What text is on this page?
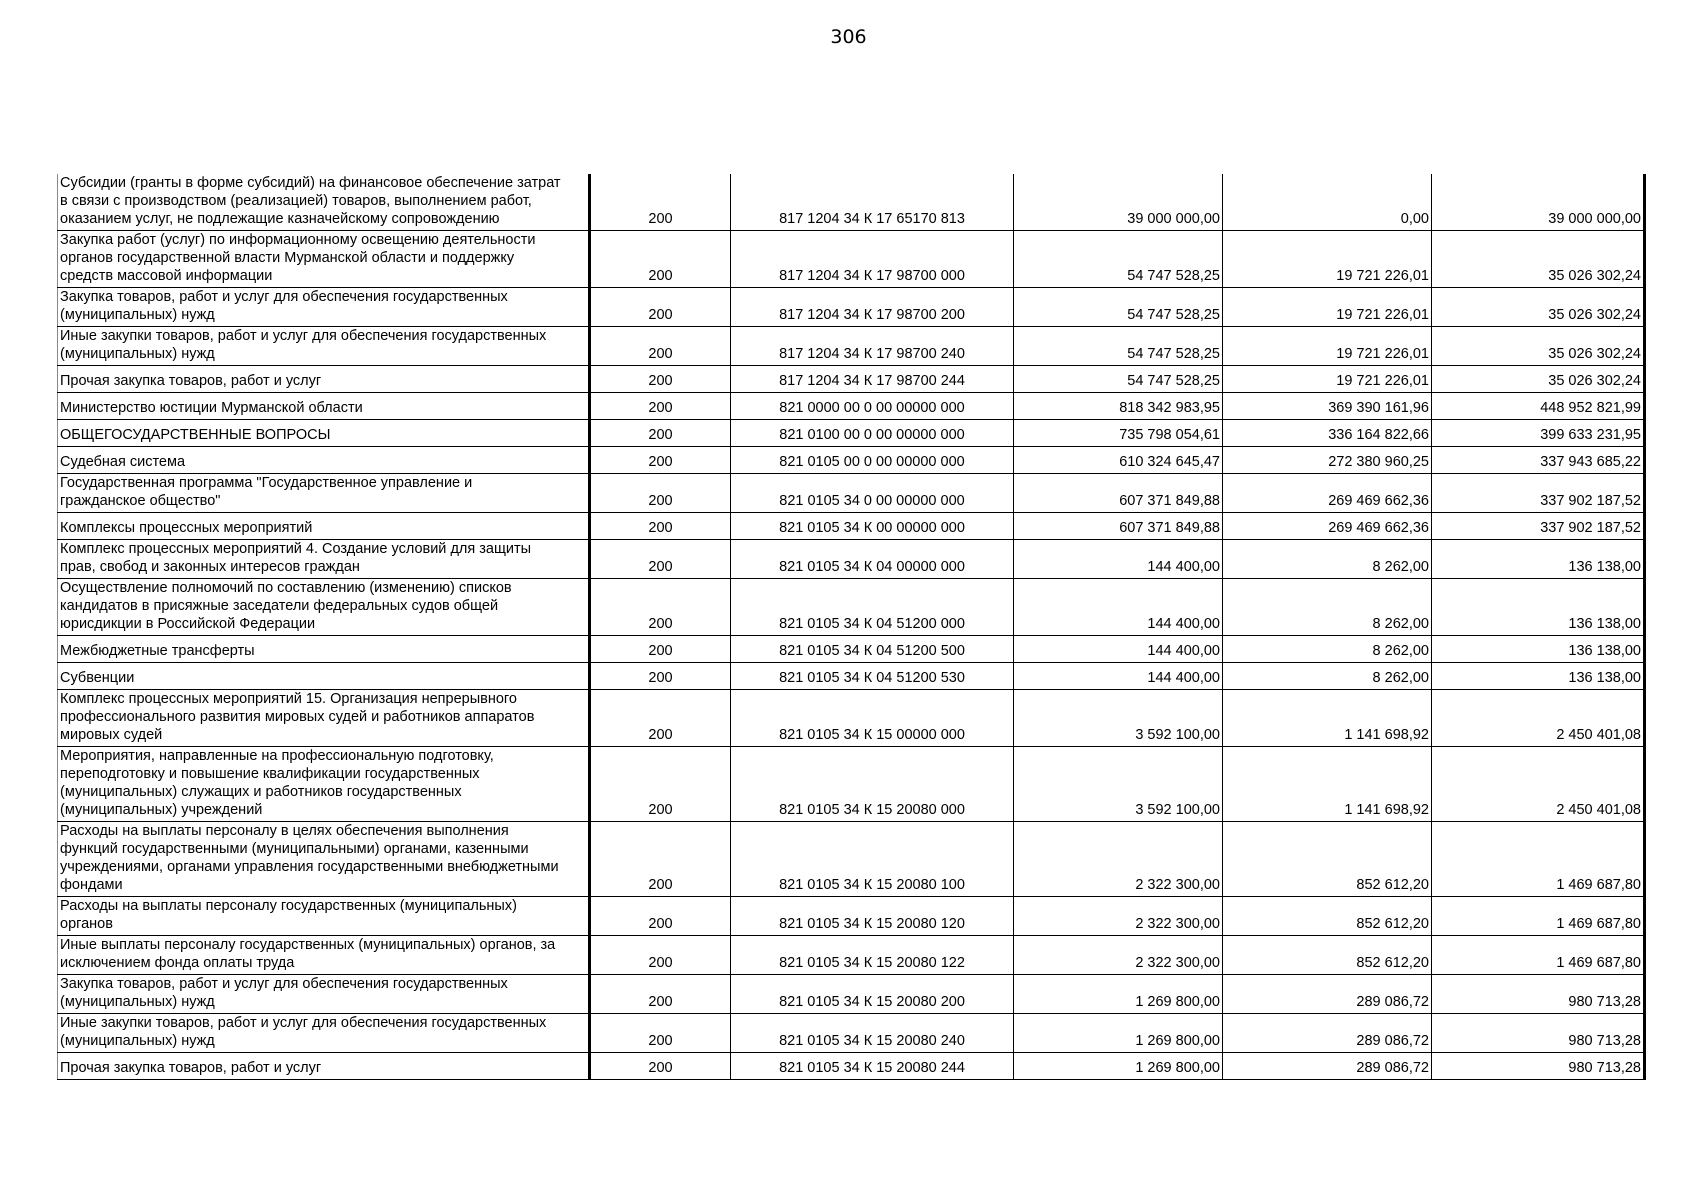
306
Субсидии (гранты в форме субсидий) на финансовое обеспечение затрат
в связи с производством (реализацией) товаров, выполнением работ,
оказанием услуг, не подлежащие казначейскому сопровождению	200	817 1204 34 К 17 65170 813	39 000 000,00	0,00	39 000 000,00

Закупка работ (услуг) по информационному освещению деятельности
органов государственной власти Мурманской области и поддержку
средств массовой информации	200	817 1204 34 К 17 98700 000	54 747 528,25	19 721 226,01	35 026 302,24

Закупка товаров, работ и услуг для обеспечения государственных
(муниципальных) нужд	200	817 1204 34 К 17 98700 200	54 747 528,25	19 721 226,01	35 026 302,24

Иные закупки товаров, работ и услуг для обеспечения государственных
(муниципальных) нужд	200	817 1204 34 К 17 98700 240	54 747 528,25	19 721 226,01	35 026 302,24
Прочая закупка товаров, работ и услуг	200	817 1204 34 К 17 98700 244	54 747 528,25	19 721 226,01	35 026 302,24
Министерство юстиции Мурманской области	200	821 0000 00 0 00 00000 000	818 342 983,95	369 390 161,96	448 952 821,99
ОБЩЕГОСУДАРСТВЕННЫЕ ВОПРОСЫ	200	821 0100 00 0 00 00000 000	735 798 054,61	336 164 822,66	399 633 231,95
Судебная система	200	821 0105 00 0 00 00000 000	610 324 645,47	272 380 960,25	337 943 685,22

Государственная программа "Государственное управление и
гражданское общество"	200	821 0105 34 0 00 00000 000	607 371 849,88	269 469 662,36	337 902 187,52
Комплексы процессных мероприятий	200	821 0105 34 К 00 00000 000	607 371 849,88	269 469 662,36	337 902 187,52

Комплекс процессных мероприятий 4. Создание условий для защиты
прав, свобод и законных интересов граждан	200	821 0105 34 К 04 00000 000	144 400,00	8 262,00	136 138,00

Осуществление полномочий по составлению (изменению) списков
кандидатов в присяжные заседатели федеральных судов общей
юрисдикции в Российской Федерации	200	821 0105 34 К 04 51200 000	144 400,00	8 262,00	136 138,00
Межбюджетные трансферты	200	821 0105 34 К 04 51200 500	144 400,00	8 262,00	136 138,00
Субвенции	200	821 0105 34 К 04 51200 530	144 400,00	8 262,00	136 138,00

Комплекс процессных мероприятий 15. Организация непрерывного
профессионального развития мировых судей и работников аппаратов
мировых судей	200	821 0105 34 К 15 00000 000	3 592 100,00	1 141 698,92	2 450 401,08

Мероприятия, направленные на профессиональную подготовку,
переподготовку и повышение квалификации государственных
(муниципальных) служащих и работников государственных
(муниципальных) учреждений	200	821 0105 34 К 15 20080 000	3 592 100,00	1 141 698,92	2 450 401,08

Расходы на выплаты персоналу в целях обеспечения выполнения
функций государственными (муниципальными) органами, казенными
учреждениями, органами управления государственными внебюджетными
фондами	200	821 0105 34 К 15 20080 100	2 322 300,00	852 612,20	1 469 687,80

Расходы на выплаты персоналу государственных (муниципальных)
органов	200	821 0105 34 К 15 20080 120	2 322 300,00	852 612,20	1 469 687,80

Иные выплаты персоналу государственных (муниципальных) органов, за
исключением фонда оплаты труда	200	821 0105 34 К 15 20080 122	2 322 300,00	852 612,20	1 469 687,80

Закупка товаров, работ и услуг для обеспечения государственных
(муниципальных) нужд	200	821 0105 34 К 15 20080 200	1 269 800,00	289 086,72	980 713,28

Иные закупки товаров, работ и услуг для обеспечения государственных
(муниципальных) нужд	200	821 0105 34 К 15 20080 240	1 269 800,00	289 086,72	980 713,28
Прочая закупка товаров, работ и услуг	200	821 0105 34 К 15 20080 244	1 269 800,00	289 086,72	980 713,28
